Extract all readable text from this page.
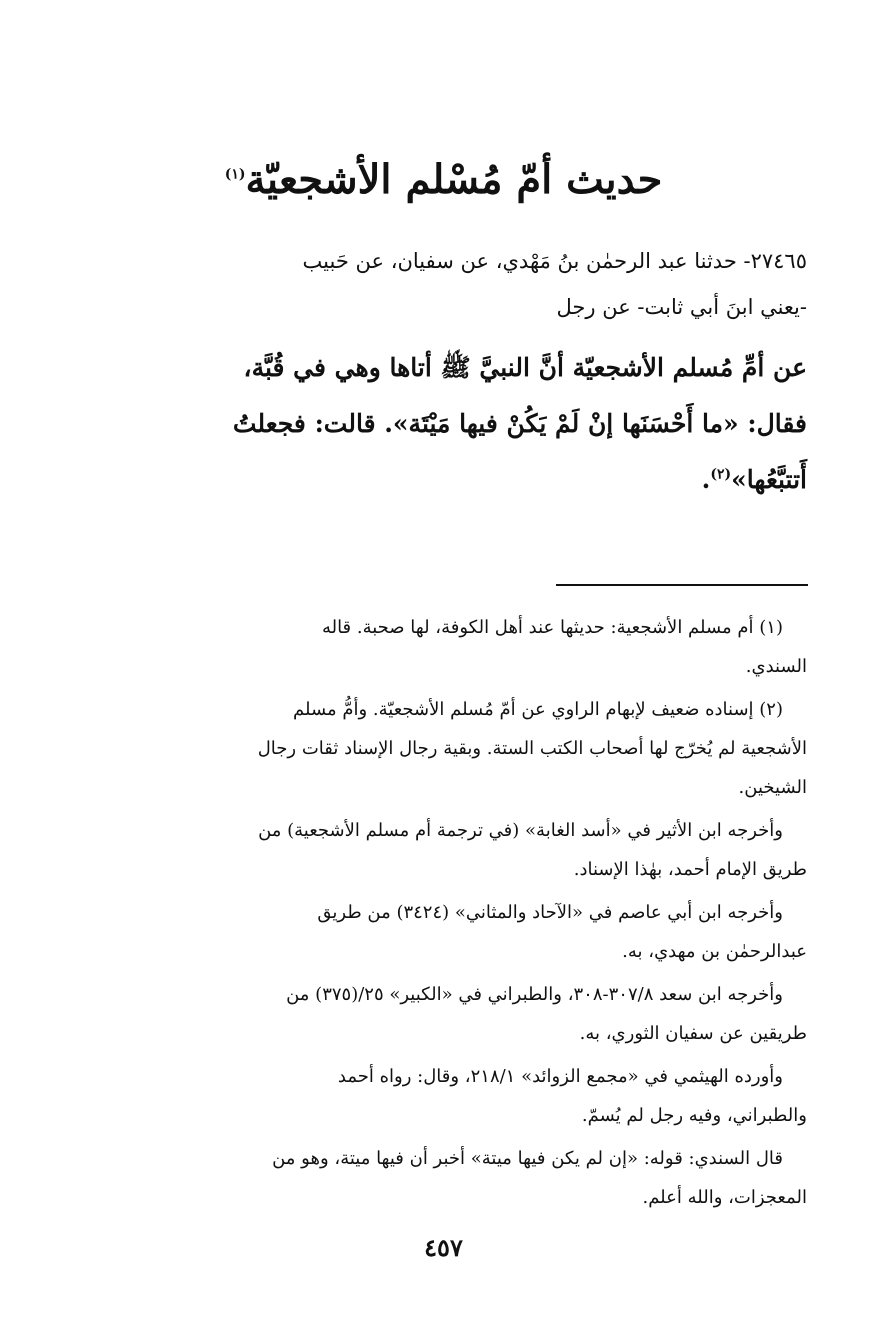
حديث أمّ مُسْلم الأشجعيّة$^{(١)}$
٢٧٤٦٥- حدثنا عبد الرحمٰن بنُ مَهْدي، عن سفيان، عن حَبيب
-يعني ابنَ أبي ثابت- عن رجل
عن أمِّ مُسلم الأشجعيّة أنَّ النبيَّ ﷺ أتاها وهي في قُبَّة،
فقال: «ما أَحْسَنَها إنْ لَمْ يَكُنْ فيها مَيْتَة». قالت: فجعلتُ
أَتتبَّعُها»$^{(٢)}$.
(١) أم مسلم الأشجعية: حديثها عند أهل الكوفة، لها صحبة. قاله
السندي.
(٢) إسناده ضعيف لإبهام الراوي عن أمّ مُسلم الأشجعيّة. وأمُّ مسلم
الأشجعية لم يُخرّج لها أصحاب الكتب الستة. وبقية رجال الإسناد ثقات رجال
الشيخين.
وأخرجه ابن الأثير في «أسد الغابة» (في ترجمة أم مسلم الأشجعية) من
طريق الإمام أحمد، بهٰذا الإسناد.
وأخرجه ابن أبي عاصم في «الآحاد والمثاني» (٣٤٢٤) من طريق
عبدالرحمٰن بن مهدي، به.
وأخرجه ابن سعد ٣٠٧/٨-٣٠٨، والطبراني في «الكبير» ٢٥/(٣٧٥) من
طريقين عن سفيان الثوري، به.
وأورده الهيثمي في «مجمع الزوائد» ٢١٨/١، وقال: رواه أحمد
والطبراني، وفيه رجل لم يُسمّ.
قال السندي: قوله: «إن لم يكن فيها ميتة» أخبر أن فيها ميتة، وهو من
المعجزات، والله أعلم.
٤٥٧
